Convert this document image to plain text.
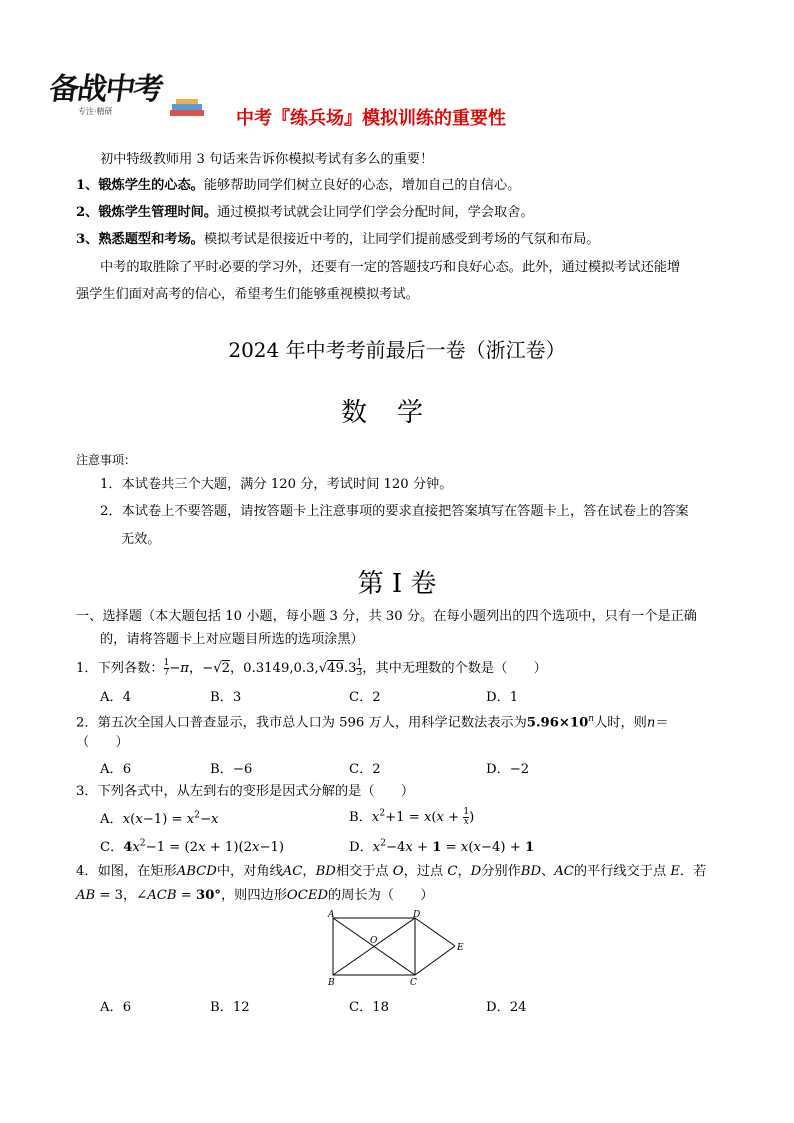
备战中考
专注·精研	中考『练兵场』模拟训练的重要性
初中特级教师用 3 句话来告诉你模拟考试有多么的重要！
1、锻炼学生的心态。能够帮助同学们树立良好的心态，增加自己的自信心。
2、锻炼学生管理时间。通过模拟考试就会让同学们学会分配时间，学会取舍。
3、熟悉题型和考场。模拟考试是很接近中考的，让同学们提前感受到考场的气氛和布局。
中考的取胜除了平时必要的学习外，还要有一定的答题技巧和良好心态。此外，通过模拟考试还能增
强学生们面对高考的信心，希望考生们能够重视模拟考试。
2024 年中考考前最后一卷（浙江卷）
数学
注意事项：
1．本试卷共三个大题，满分 120 分，考试时间 120 分钟。
2．本试卷上不要答题，请按答题卡上注意事项的要求直接把答案填写在答题卡上，答在试卷上的答案
无效。
第 I 卷
一、选择题（本大题包括 10 小题，每小题 3 分，共 30 分。在每小题列出的四个选项中，只有一个是正确
的，请将答题卡上对应题目所选的选项涂黑）
1．下列各数： $\frac{1}{7} -\pi$，−√2，$0.3149,0.3,√49.3 \frac{1}{3}$ ，其中无理数的个数是（　　）
A．4	B．3	C．2	D．1
2．第五次全国人口普查显示，我市总人口为 596 万人，用科学记数法表示为$5.96\times 10^n$人时，则n＝
（　　）
A．6	B．−6	C．2	D．−2
3．下列各式中，从左到右的变形是因式分解的是（　　）
A．$x(x-1) = x^2-x$	B．$x^2+1 = x(x + \frac{1}{x}$ )
C．$4x^2-1 = (2x + 1)(2x-1)$	D．$x^2-4x + 1 = x(x-4) + 1$
4．如图，在矩形ABCD中，对角线AC，BD相交于点 O，过点 C，D分别作BD、AC的平行线交于点 E．若
AB = 3，∠ACB = 30°，则四边形OCED的周长为（　　）
A	D
O
B	C
E
A．6	B．12	C．18	D．24
